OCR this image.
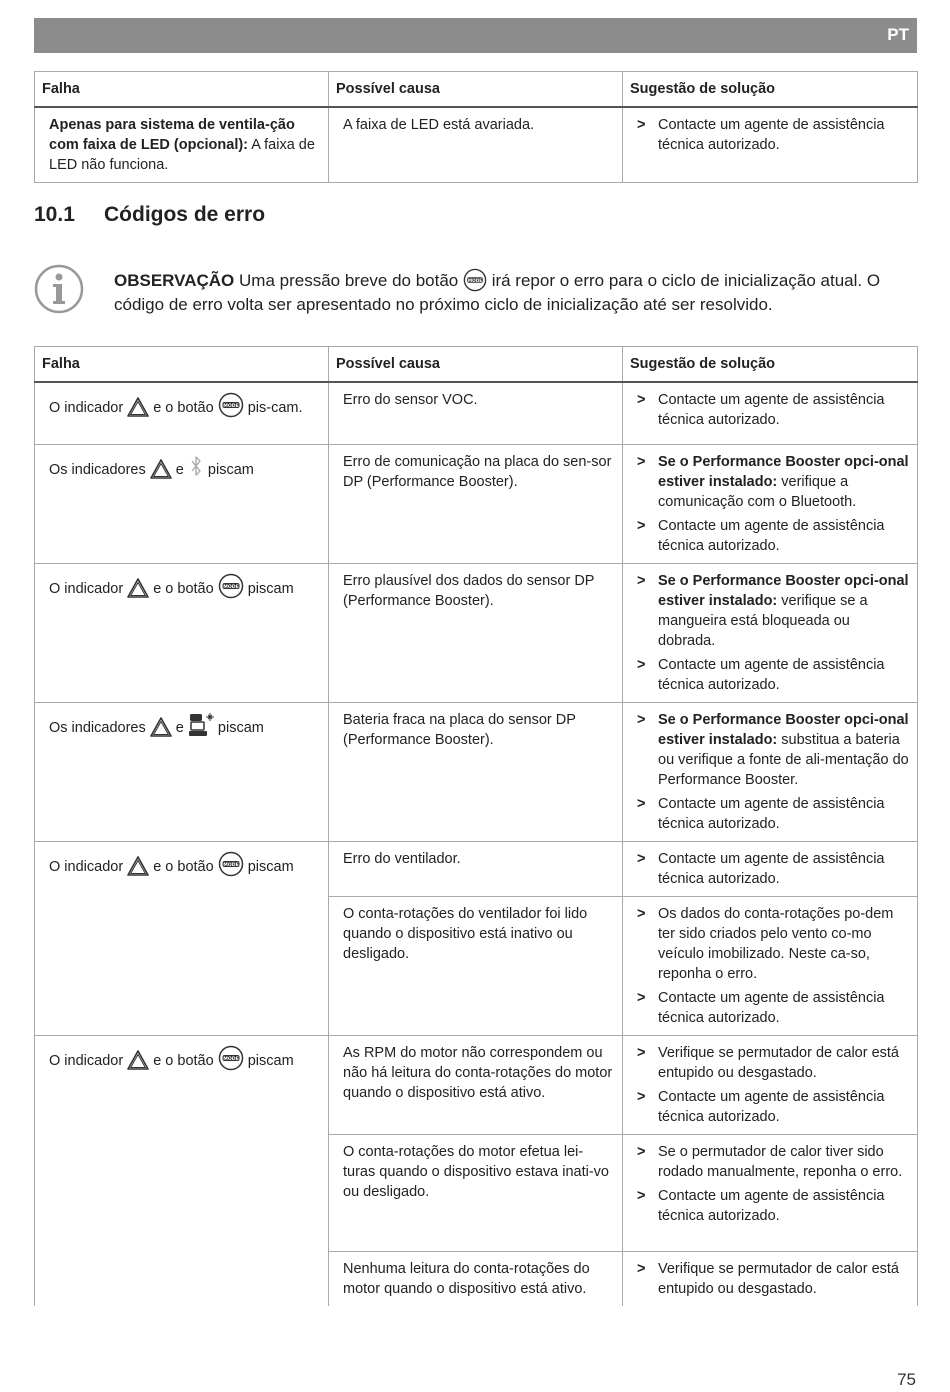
PT
Falha	Possível causa	Sugestão de solução
Apenas para sistema de ventila-ção com faixa de LED (opcional): A faixa de LED não funciona.	A faixa de LED está avariada.	> Contacte um agente de assistência técnica autorizado.
10.1 Códigos de erro
OBSERVAÇÃO Uma pressão breve do botão  irá repor o erro para o ciclo de inicialização atual. O código de erro volta ser apresentado no próximo ciclo de inicialização até ser resolvido.
Falha	Possível causa	Sugestão de solução
O indicador  e o botão  pis-cam.	Erro do sensor VOC.	> Contacte um agente de assistência técnica autorizado.

Os indicadores  e  piscam	Erro de comunicação na placa do sen-sor DP (Performance Booster).	> Se o Performance Booster opci-onal estiver instalado: verifique a comunicação com o Bluetooth.
> Contacte um agente de assistência técnica autorizado.

O indicador  e o botão  piscam	Erro plausível dos dados do sensor DP (Performance Booster).	> Se o Performance Booster opci-onal estiver instalado: verifique se a mangueira está bloqueada ou dobrada.
> Contacte um agente de assistência técnica autorizado.

Os indicadores  e  piscam	Bateria fraca na placa do sensor DP (Performance Booster).	> Se o Performance Booster opci-onal estiver instalado: substitua a bateria ou verifique a fonte de ali-mentação do Performance Booster.
> Contacte um agente de assistência técnica autorizado.

O indicador  e o botão  piscam	Erro do ventilador.	> Contacte um agente de assistência técnica autorizado.

	O conta-rotações do ventilador foi lido quando o dispositivo está inativo ou desligado.	> Os dados do conta-rotações po-dem ter sido criados pelo vento co-mo veículo imobilizado. Neste ca-so, reponha o erro.
> Contacte um agente de assistência técnica autorizado.

O indicador  e o botão  piscam	As RPM do motor não correspondem ou não há leitura do conta-rotações do motor quando o dispositivo está ativo.	> Verifique se permutador de calor está entupido ou desgastado.
> Contacte um agente de assistência técnica autorizado.

	O conta-rotações do motor efetua lei-turas quando o dispositivo estava inati-vo ou desligado.	> Se o permutador de calor tiver sido rodado manualmente, reponha o erro.
> Contacte um agente de assistência técnica autorizado.

	Nenhuma leitura do conta-rotações do motor quando o dispositivo está ativo.	> Verifique se permutador de calor está entupido ou desgastado.
75
